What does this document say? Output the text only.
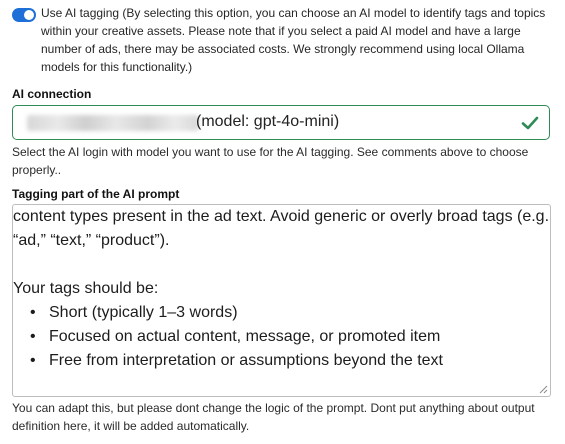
Use AI tagging (By selecting this option, you can choose an AI model to identify tags and topics within your creative assets. Please note that if you select a paid AI model and have a large number of ads, there may be associated costs. We strongly recommend using local Ollama models for this functionality.)
AI connection
(model: gpt-4o-mini)
Select the AI login with model you want to use for the AI tagging. See comments above to choose properly..
Tagging part of the AI prompt
content types present in the ad text. Avoid generic or overly broad tags (e.g.
“ad,” “text,” “product”).
Your tags should be:
• Short (typically 1–3 words)
• Focused on actual content, message, or promoted item
• Free from interpretation or assumptions beyond the text
You can adapt this, but please dont change the logic of the prompt. Dont put anything about output definition here, it will be added automatically.
